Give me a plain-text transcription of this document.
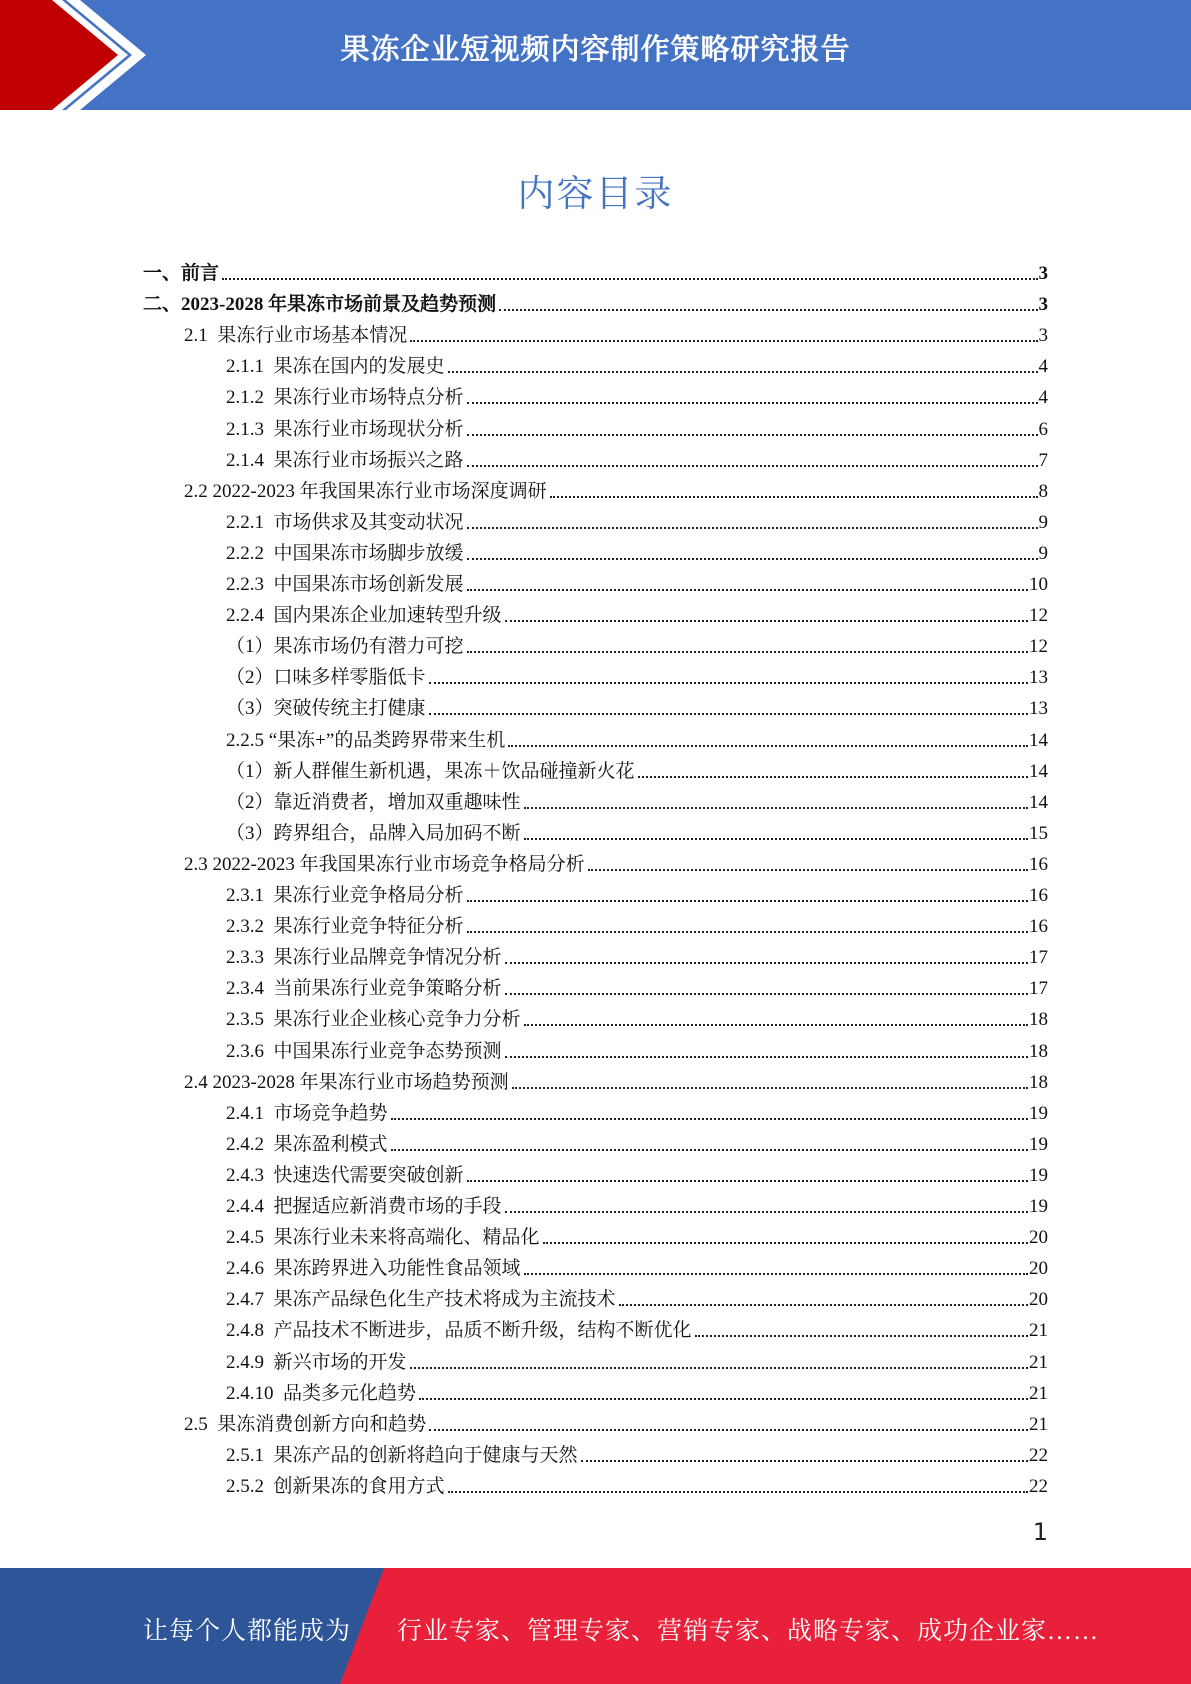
果冻企业短视频内容制作策略研究报告
内容目录
一、前言	3
二、2023-2028 年果冻市场前景及趋势预测	3
2.1  果冻行业市场基本情况	3
2.1.1  果冻在国内的发展史	4
2.1.2  果冻行业市场特点分析	4
2.1.3  果冻行业市场现状分析	6
2.1.4  果冻行业市场振兴之路	7
2.2 2022-2023 年我国果冻行业市场深度调研	8
2.2.1  市场供求及其变动状况	9
2.2.2  中国果冻市场脚步放缓	9
2.2.3  中国果冻市场创新发展	10
2.2.4  国内果冻企业加速转型升级	12
（1）果冻市场仍有潜力可挖	12
（2）口味多样零脂低卡	13
（3）突破传统主打健康	13
2.2.5 “果冻+”的品类跨界带来生机	14
（1）新人群催生新机遇，果冻＋饮品碰撞新火花	14
（2）靠近消费者，增加双重趣味性	14
（3）跨界组合，品牌入局加码不断	15
2.3 2022-2023 年我国果冻行业市场竞争格局分析	16
2.3.1  果冻行业竞争格局分析	16
2.3.2  果冻行业竞争特征分析	16
2.3.3  果冻行业品牌竞争情况分析	17
2.3.4  当前果冻行业竞争策略分析	17
2.3.5  果冻行业企业核心竞争力分析	18
2.3.6  中国果冻行业竞争态势预测	18
2.4 2023-2028 年果冻行业市场趋势预测	18
2.4.1  市场竞争趋势	19
2.4.2  果冻盈利模式	19
2.4.3  快速迭代需要突破创新	19
2.4.4  把握适应新消费市场的手段	19
2.4.5  果冻行业未来将高端化、精品化	20
2.4.6  果冻跨界进入功能性食品领域	20
2.4.7  果冻产品绿色化生产技术将成为主流技术	20
2.4.8  产品技术不断进步，品质不断升级，结构不断优化	21
2.4.9  新兴市场的开发	21
2.4.10  品类多元化趋势	21
2.5  果冻消费创新方向和趋势	21
2.5.1  果冻产品的创新将趋向于健康与天然	22
2.5.2  创新果冻的食用方式	22
1
让每个人都能成为 行业专家、管理专家、营销专家、战略专家、成功企业家……
